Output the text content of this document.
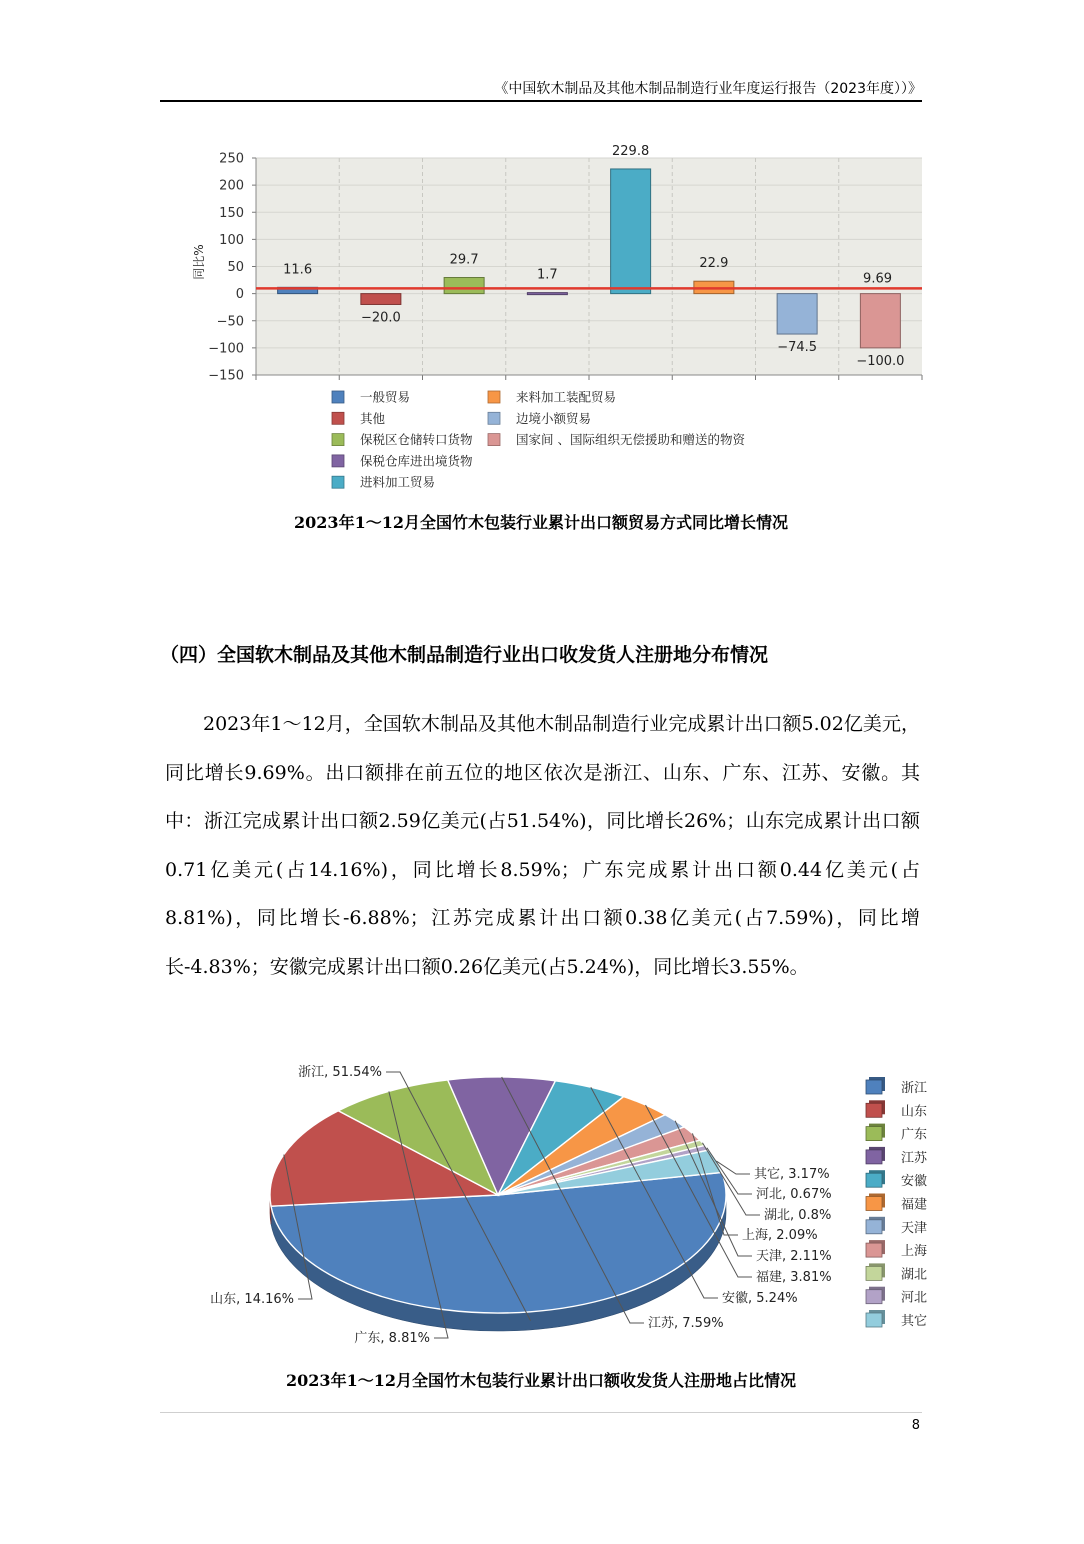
《中国软木制品及其他木制品制造行业年度运行报告（2023年度））》
250
200
150
100
50
0
−50
−100
−150
同比%	11.6
−20.0
29.7
1.7
229.8
22.9
−74.5
−100.0
9.69
一般贸易
其他
保税区仓储转口货物
保税仓库进出境货物
进料加工贸易
来料加工装配贸易
边境小额贸易
国家间 、国际组织无偿援助和赠送的物资
2023年1～12月全国竹木包装行业累计出口额贸易方式同比增长情况
（四）全国软木制品及其他木制品制造行业出口收发货人注册地分布情况
2023年1～12月，全国软木制品及其他木制品制造行业完成累计出口额5.02亿美元，同比增长9.69%。出口额排在前五位的地区依次是浙江、山东、广东、江苏、安徽。其中：浙江完成累计出口额2.59亿美元(占51.54%)，同比增长26%；山东完成累计出口额0.71亿美元(占14.16%)，同比增长8.59%；广东完成累计出口额0.44亿美元(占8.81%)，同比增长-6.88%；江苏完成累计出口额0.38亿美元(占7.59%)，同比增长-4.83%；安徽完成累计出口额0.26亿美元(占5.24%)，同比增长3.55%。
浙江, 51.54%
山东, 14.16%
广东, 8.81%
江苏, 7.59%
安徽, 5.24%
福建, 3.81%
天津, 2.11%
上海, 2.09%
湖北, 0.8%
河北, 0.67%
其它, 3.17%
浙江
山东
广东
江苏
安徽
福建
天津
上海
湖北
河北
其它
2023年1～12月全国竹木包装行业累计出口额收发货人注册地占比情况
8
